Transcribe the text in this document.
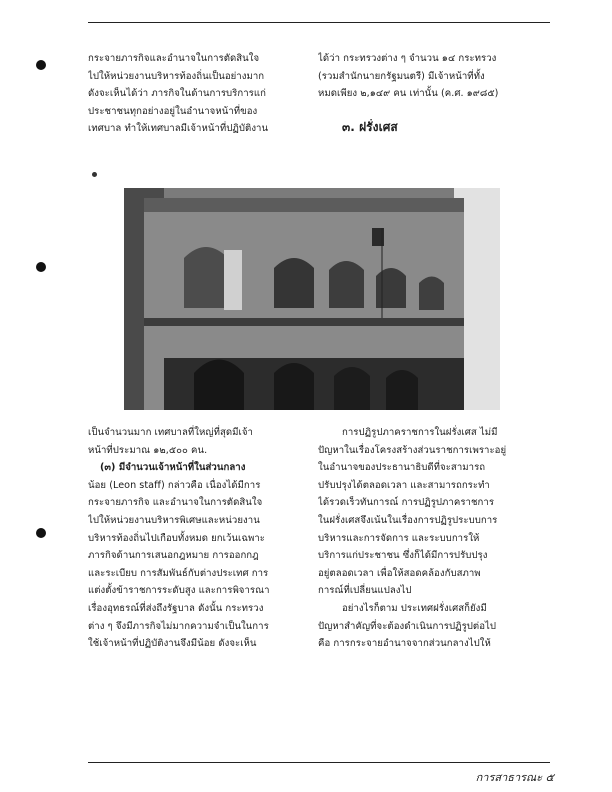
กระจายภารกิจและอำนาจในการตัดสินใจ
ไปให้หน่วยงานบริหารท้องถิ่นเป็นอย่างมาก
ดังจะเห็นได้ว่า ภารกิจในด้านการบริการแก่
ประชาชนทุกอย่างอยู่ในอำนาจหน้าที่ของ
เทศบาล ทำให้เทศบาลมีเจ้าหน้าที่ปฏิบัติงาน
ได้ว่า กระทรวงต่าง ๆ จำนวน ๑๔ กระทรวง
(รวมสำนักนายกรัฐมนตรี) มีเจ้าหน้าที่ทั้ง
หมดเพียง ๒,๑๔๙ คน เท่านั้น (ค.ศ. ๑๙๘๕)
๓. ฝรั่งเศส
เป็นจำนวนมาก เทศบาลที่ใหญ่ที่สุดมีเจ้า
หน้าที่ประมาณ ๑๒,๕๐๐ คน.
(๓) มีจำนวนเจ้าหน้าที่ในส่วนกลาง
น้อย (Leon staff) กล่าวคือ เนื่องได้มีการ
กระจายภารกิจ และอำนาจในการตัดสินใจ
ไปให้หน่วยงานบริหารพิเศษและหน่วยงาน
บริหารท้องถิ่นไปเกือบทั้งหมด ยกเว้นเฉพาะ
ภารกิจด้านการเสนอกฎหมาย การออกกฎ
และระเบียบ การสัมพันธ์กับต่างประเทศ การ
แต่งตั้งข้าราชการระดับสูง และการพิจารณา
เรื่องอุทธรณ์ที่ส่งถึงรัฐบาล ดังนั้น กระทรวง
ต่าง ๆ จึงมีภารกิจไม่มากความจำเป็นในการ
ใช้เจ้าหน้าที่ปฏิบัติงานจึงมีน้อย ดังจะเห็น
การปฏิรูปภาคราชการในฝรั่งเศส ไม่มี
ปัญหาในเรื่องโครงสร้างส่วนราชการเพราะอยู่
ในอำนาจของประธานาธิบดีที่จะสามารถ
ปรับปรุงได้ตลอดเวลา และสามารถกระทำ
ได้รวดเร็วทันการณ์ การปฏิรูปภาคราชการ
ในฝรั่งเศสจึงเน้นในเรื่องการปฏิรูประบบการ
บริหารและการจัดการ และระบบการให้
บริการแก่ประชาชน ซึ่งก็ได้มีการปรับปรุง
อยู่ตลอดเวลา เพื่อให้สอดคล้องกับสภาพ
การณ์ที่เปลี่ยนแปลงไป
อย่างไรก็ตาม ประเทศฝรั่งเศสก็ยังมี
ปัญหาสำคัญที่จะต้องดำเนินการปฏิรูปต่อไป
คือ การกระจายอำนาจจากส่วนกลางไปให้
การสาธารณะ ๕
